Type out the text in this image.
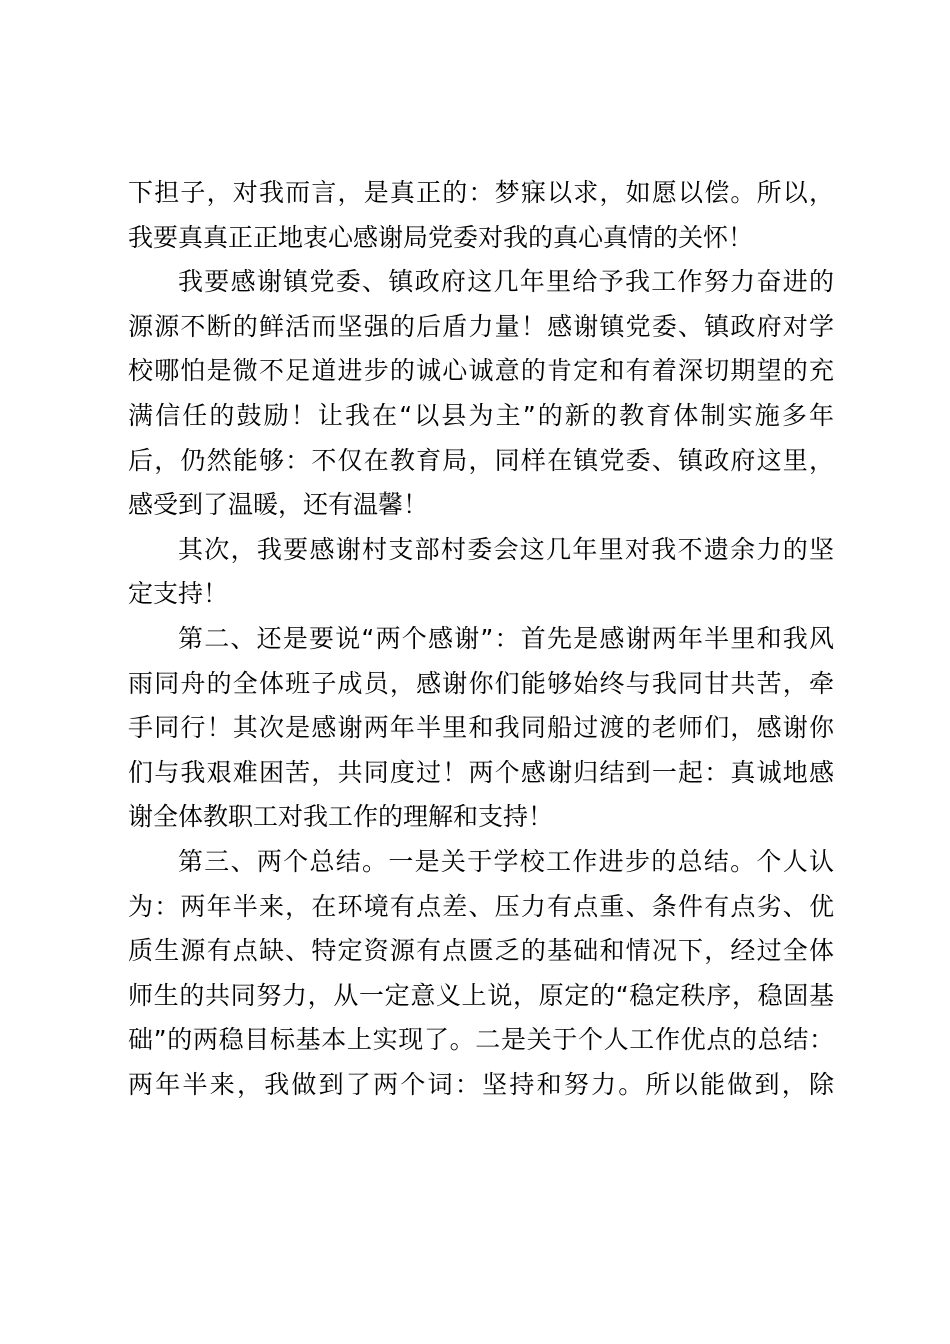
下担子，对我而言，是真正的：梦寐以求，如愿以偿。所以，
我要真真正正地衷心感谢局党委对我的真心真情的关怀！
我要感谢镇党委、镇政府这几年里给予我工作努力奋进的
源源不断的鲜活而坚强的后盾力量！感谢镇党委、镇政府对学
校哪怕是微不足道进步的诚心诚意的肯定和有着深切期望的充
满信任的鼓励！让我在“以县为主”的新的教育体制实施多年
后，仍然能够：不仅在教育局，同样在镇党委、镇政府这里，
感受到了温暖，还有温馨！
其次，我要感谢村支部村委会这几年里对我不遗余力的坚
定支持！
第二、还是要说“两个感谢”：首先是感谢两年半里和我风
雨同舟的全体班子成员，感谢你们能够始终与我同甘共苦，牵
手同行！其次是感谢两年半里和我同船过渡的老师们，感谢你
们与我艰难困苦，共同度过！两个感谢归结到一起：真诚地感
谢全体教职工对我工作的理解和支持！
第三、两个总结。一是关于学校工作进步的总结。个人认
为：两年半来，在环境有点差、压力有点重、条件有点劣、优
质生源有点缺、特定资源有点匮乏的基础和情况下，经过全体
师生的共同努力，从一定意义上说，原定的“稳定秩序，稳固基
础”的两稳目标基本上实现了。二是关于个人工作优点的总结：
两年半来，我做到了两个词：坚持和努力。所以能做到，除
